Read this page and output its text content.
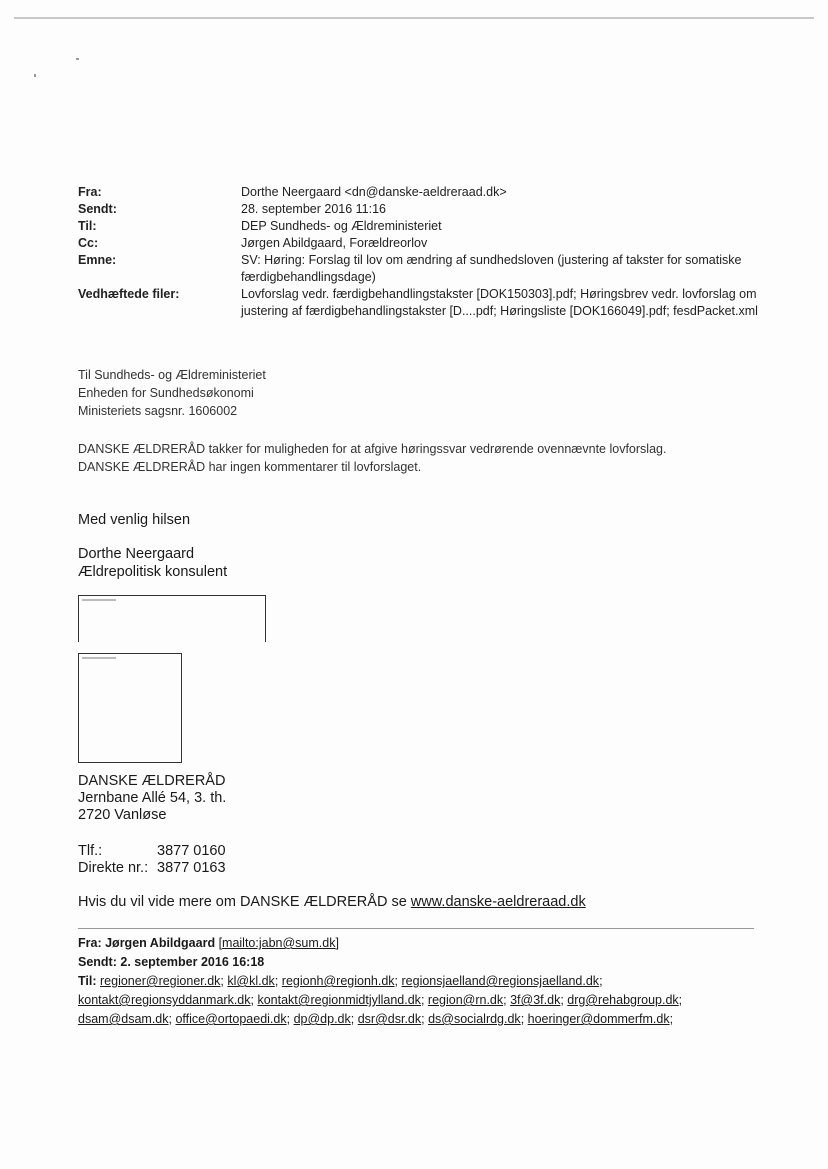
Fra:	Dorthe Neergaard <dn@danske-aeldreraad.dk>
Sendt:	28. september 2016 11:16
Til:	DEP Sundheds- og Ældreministeriet
Cc:	Jørgen Abildgaard, Forældreorlov
Emne:	SV: Høring: Forslag til lov om ændring af sundhedsloven (justering af takster for somatiske færdigbehandlingsdage)
Vedhæftede filer:	Lovforslag vedr. færdigbehandlingstakster [DOK150303].pdf; Høringsbrev vedr. lovforslag om justering af færdigbehandlingstakster [D....pdf; Høringsliste [DOK166049].pdf; fesdPacket.xml
Til Sundheds- og Ældreministeriet
Enheden for Sundhedsøkonomi
Ministeriets sagsnr. 1606002
DANSKE ÆLDRERÅD takker for muligheden for at afgive høringssvar vedrørende ovennævnte lovforslag.
DANSKE ÆLDRERÅD har ingen kommentarer til lovforslaget.
Med venlig hilsen
Dorthe Neergaard
Ældrepolitisk konsulent
DANSKE ÆLDRERÅD
Jernbane Allé 54, 3. th.
2720 Vanløse
Tlf.:	3877 0160
Direkte nr.: 3877 0163
Hvis du vil vide mere om DANSKE ÆLDRERÅD se www.danske-aeldreraad.dk
Fra: Jørgen Abildgaard [mailto:jabn@sum.dk]
Sendt: 2. september 2016 16:18
Til: regioner@regioner.dk; kl@kl.dk; regionh@regionh.dk; regionsjaelland@regionsjaelland.dk; kontakt@regionsyddanmark.dk; kontakt@regionmidtjylland.dk; region@rn.dk; 3f@3f.dk; drg@rehabgroup.dk; dsam@dsam.dk; office@ortopaedi.dk; dp@dp.dk; dsr@dsr.dk; ds@socialrdg.dk; hoeringer@dommerfm.dk;
